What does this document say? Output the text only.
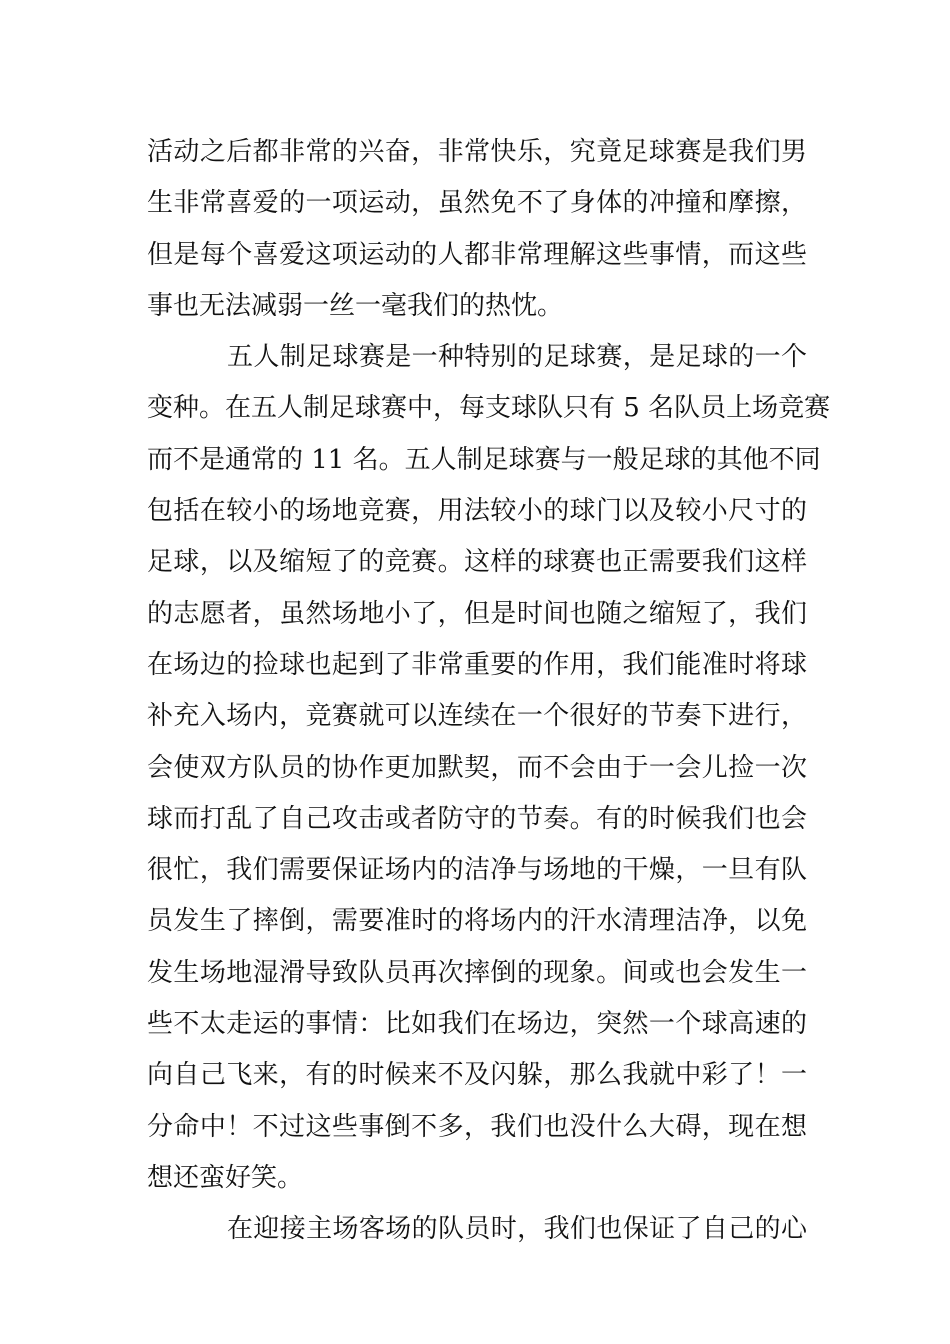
活动之后都非常的兴奋，非常快乐，究竟足球赛是我们男
生非常喜爱的一项运动，虽然免不了身体的冲撞和摩擦，
但是每个喜爱这项运动的人都非常理解这些事情，而这些
事也无法减弱一丝一毫我们的热忱。
五人制足球赛是一种特别的足球赛，是足球的一个
变种。在五人制足球赛中，每支球队只有 5 名队员上场竞赛
而不是通常的 11 名。五人制足球赛与一般足球的其他不同
包括在较小的场地竞赛，用法较小的球门以及较小尺寸的
足球，以及缩短了的竞赛。这样的球赛也正需要我们这样
的志愿者，虽然场地小了，但是时间也随之缩短了，我们
在场边的捡球也起到了非常重要的作用，我们能准时将球
补充入场内，竞赛就可以连续在一个很好的节奏下进行，
会使双方队员的协作更加默契，而不会由于一会儿捡一次
球而打乱了自己攻击或者防守的节奏。有的时候我们也会
很忙，我们需要保证场内的洁净与场地的干燥，一旦有队
员发生了摔倒，需要准时的将场内的汗水清理洁净，以免
发生场地湿滑导致队员再次摔倒的现象。间或也会发生一
些不太走运的事情：比如我们在场边，突然一个球高速的
向自己飞来，有的时候来不及闪躲，那么我就中彩了！一
分命中！不过这些事倒不多，我们也没什么大碍，现在想
想还蛮好笑。
在迎接主场客场的队员时，我们也保证了自己的心
